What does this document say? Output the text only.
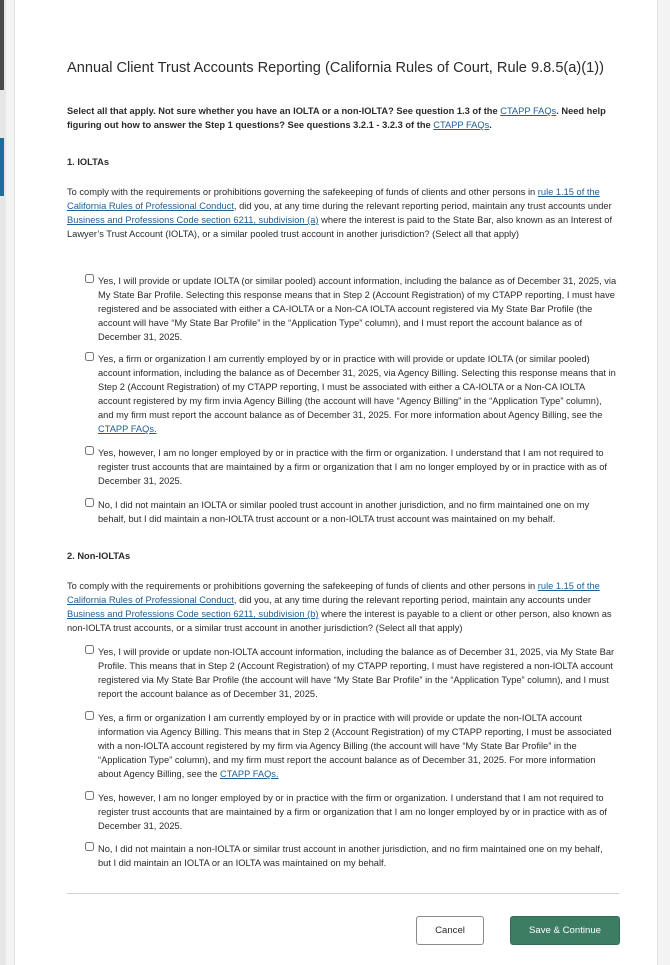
Annual Client Trust Accounts Reporting (California Rules of Court, Rule 9.8.5(a)(1))

Select all that apply. Not sure whether you have an IOLTA or a non-IOLTA? See question 1.3 of the CTAPP FAQs. Need help figuring out how to answer the Step 1 questions? See questions 3.2.1 - 3.2.3 of the CTAPP FAQs.

1. IOLTAs

To comply with the requirements or prohibitions governing the safekeeping of funds of clients and other persons in rule 1.15 of the California Rules of Professional Conduct, did you, at any time during the relevant reporting period, maintain any trust accounts under Business and Professions Code section 6211, subdivision (a) where the interest is paid to the State Bar, also known as an Interest of Lawyer’s Trust Account (IOLTA), or a similar pooled trust account in another jurisdiction? (Select all that apply)

Yes, I will provide or update IOLTA (or similar pooled) account information, including the balance as of December 31, 2025, via My State Bar Profile. Selecting this response means that in Step 2 (Account Registration) of my CTAPP reporting, I must have registered and be associated with either a CA-IOLTA or a Non-CA IOLTA account registered via My State Bar Profile (the account will have “My State Bar Profile” in the “Application Type” column), and I must report the account balance as of December 31, 2025.
Yes, a firm or organization I am currently employed by or in practice with will provide or update IOLTA (or similar pooled) account information, including the balance as of December 31, 2025, via Agency Billing. Selecting this response means that in Step 2 (Account Registration) of my CTAPP reporting, I must be associated with either a CA-IOLTA or a Non-CA IOLTA account registered by my firm invia Agency Billing (the account will have “Agency Billing” in the “Application Type” column), and my firm must report the account balance as of December 31, 2025. For more information about Agency Billing, see the CTAPP FAQs.
Yes, however, I am no longer employed by or in practice with the firm or organization. I understand that I am not required to register trust accounts that are maintained by a firm or organization that I am no longer employed by or in practice with as of December 31, 2025.
No, I did not maintain an IOLTA or similar pooled trust account in another jurisdiction, and no firm maintained one on my behalf, but I did maintain a non-IOLTA trust account or a non-IOLTA trust account was maintained on my behalf.

2. Non-IOLTAs

To comply with the requirements or prohibitions governing the safekeeping of funds of clients and other persons in rule 1.15 of the California Rules of Professional Conduct, did you, at any time during the relevant reporting period, maintain any accounts under Business and Professions Code section 6211, subdivision (b) where the interest is payable to a client or other person, also known as non-IOLTA trust accounts, or a similar trust account in another jurisdiction? (Select all that apply)

Yes, I will provide or update non-IOLTA account information, including the balance as of December 31, 2025, via My State Bar Profile. This means that in Step 2 (Account Registration) of my CTAPP reporting, I must have registered a non-IOLTA account registered via My State Bar Profile (the account will have “My State Bar Profile” in the “Application Type” column), and I must report the account balance as of December 31, 2025.
Yes, a firm or organization I am currently employed by or in practice with will provide or update the non-IOLTA account information via Agency Billing. This means that in Step 2 (Account Registration) of my CTAPP reporting, I must be associated with a non-IOLTA account registered by my firm via Agency Billing (the account will have “My State Bar Profile” in the “Application Type” column), and my firm must report the account balance as of December 31, 2025. For more information about Agency Billing, see the CTAPP FAQs.
Yes, however, I am no longer employed by or in practice with the firm or organization. I understand that I am not required to register trust accounts that are maintained by a firm or organization that I am no longer employed by or in practice with as of December 31, 2025.
No, I did not maintain a non-IOLTA or similar trust account in another jurisdiction, and no firm maintained one on my behalf, but I did maintain an IOLTA or an IOLTA was maintained on my behalf.
Cancel	Save & Continue
